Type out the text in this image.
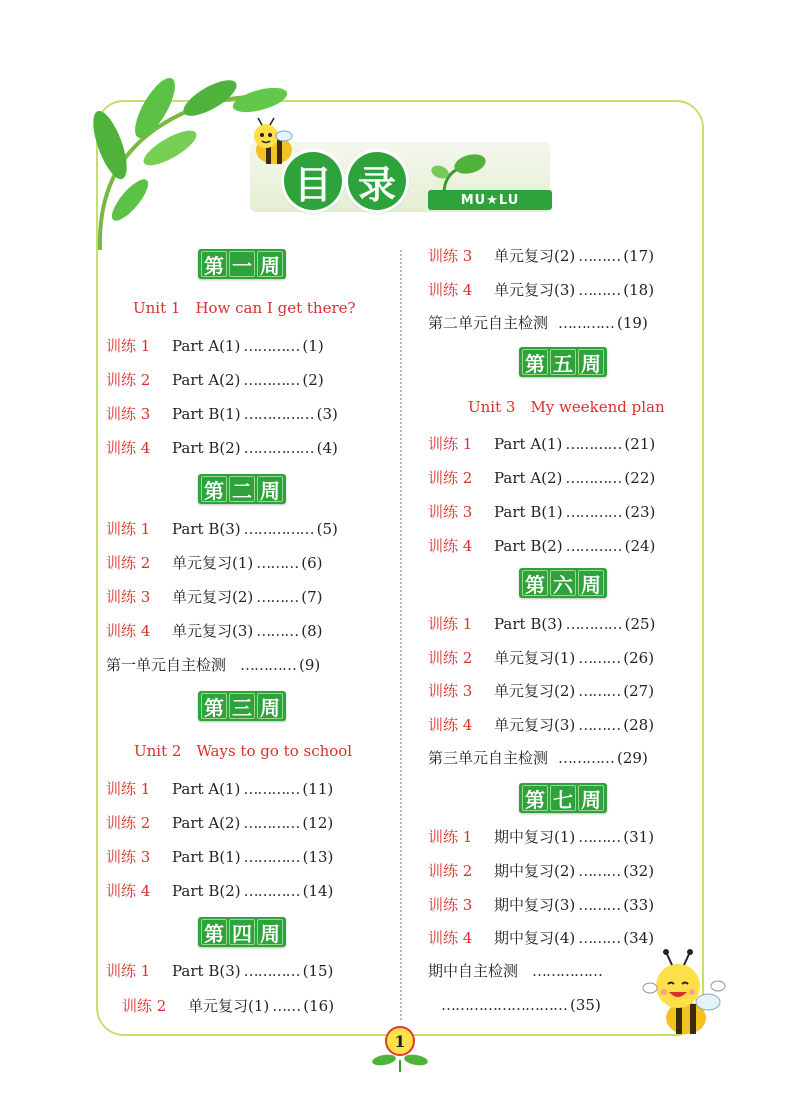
目 录	MU★LU
第 一 周
Unit 1　How can I get there?
训练 1	Part A(1) ………… (1)
训练 2	Part A(2) ………… (2)
训练 3	Part B(1) …………… (3)
训练 4	Part B(2) …………… (4)
第 二 周
训练 1	Part B(3) …………… (5)
训练 2	单元复习(1) ……… (6)
训练 3	单元复习(2) ……… (7)
训练 4	单元复习(3) ……… (8)
第一单元自主检测 ………… (9)
第 三 周
Unit 2　Ways to go to school
训练 1	Part A(1) ………… (11)
训练 2	Part A(2) ………… (12)
训练 3	Part B(1) ………… (13)
训练 4	Part B(2) ………… (14)
第 四 周
训练 1	Part B(3) ………… (15)
训练 2	单元复习(1) …… (16)
训练 3	单元复习(2) ……… (17)
训练 4	单元复习(3) ……… (18)
第二单元自主检测 ………… (19)
第 五 周
Unit 3　My weekend plan
训练 1	Part A(1) ………… (21)
训练 2	Part A(2) ………… (22)
训练 3	Part B(1) ………… (23)
训练 4	Part B(2) ………… (24)
第 六 周
训练 1	Part B(3) ………… (25)
训练 2	单元复习(1) ……… (26)
训练 3	单元复习(2) ……… (27)
训练 4	单元复习(3) ……… (28)
第三单元自主检测 ………… (29)
第 七 周
训练 1	期中复习(1) ……… (31)
训练 2	期中复习(2) ……… (32)
训练 3	期中复习(3) ……… (33)
训练 4	期中复习(4) ……… (34)
期中自主检测 ……………
……………………… (35)
1
